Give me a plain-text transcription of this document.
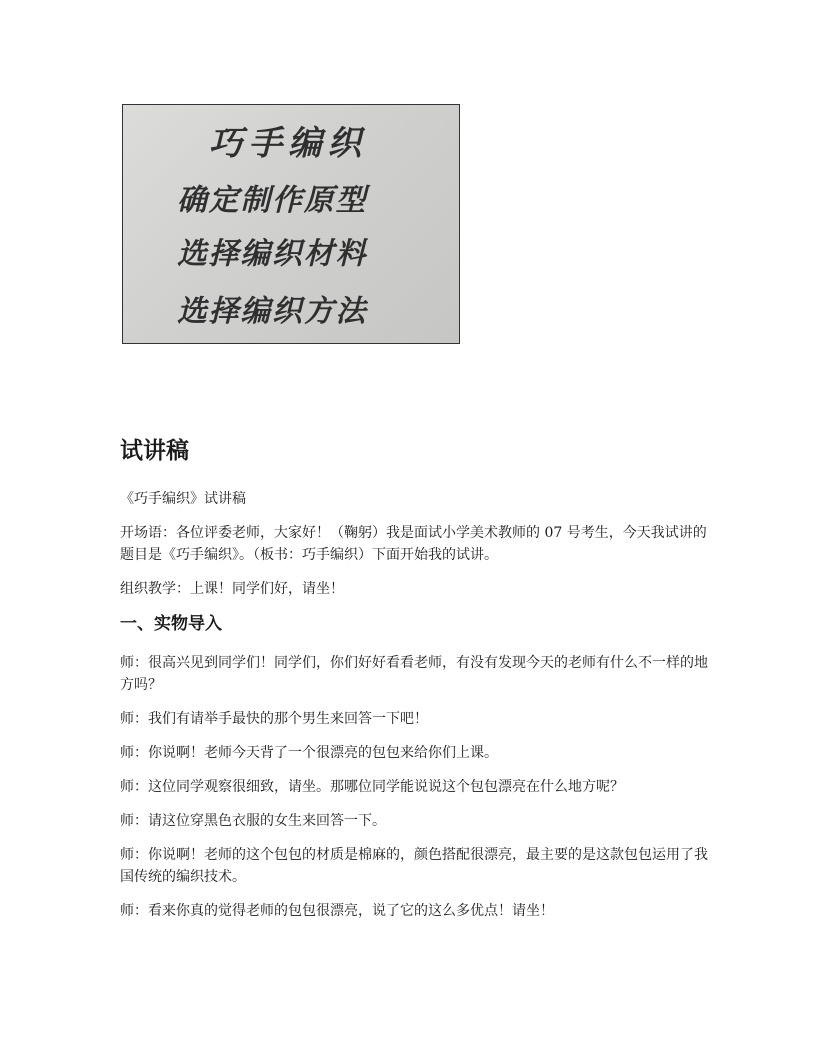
巧手编织
确定制作原型
选择编织材料
选择编织方法
试讲稿

《巧手编织》试讲稿

开场语：各位评委老师，大家好！（鞠躬）我是面试小学美术教师的 07 号考生，今天我试讲的题目是《巧手编织》。（板书：巧手编织）下面开始我的试讲。

组织教学：上课！同学们好，请坐！

一、实物导入

师：很高兴见到同学们！同学们，你们好好看看老师，有没有发现今天的老师有什么不一样的地方吗？

师：我们有请举手最快的那个男生来回答一下吧！

师：你说啊！老师今天背了一个很漂亮的包包来给你们上课。

师：这位同学观察很细致，请坐。那哪位同学能说说这个包包漂亮在什么地方呢？

师：请这位穿黑色衣服的女生来回答一下。

师：你说啊！老师的这个包包的材质是棉麻的，颜色搭配很漂亮，最主要的是这款包包运用了我国传统的编织技术。

师：看来你真的觉得老师的包包很漂亮，说了它的这么多优点！请坐！
